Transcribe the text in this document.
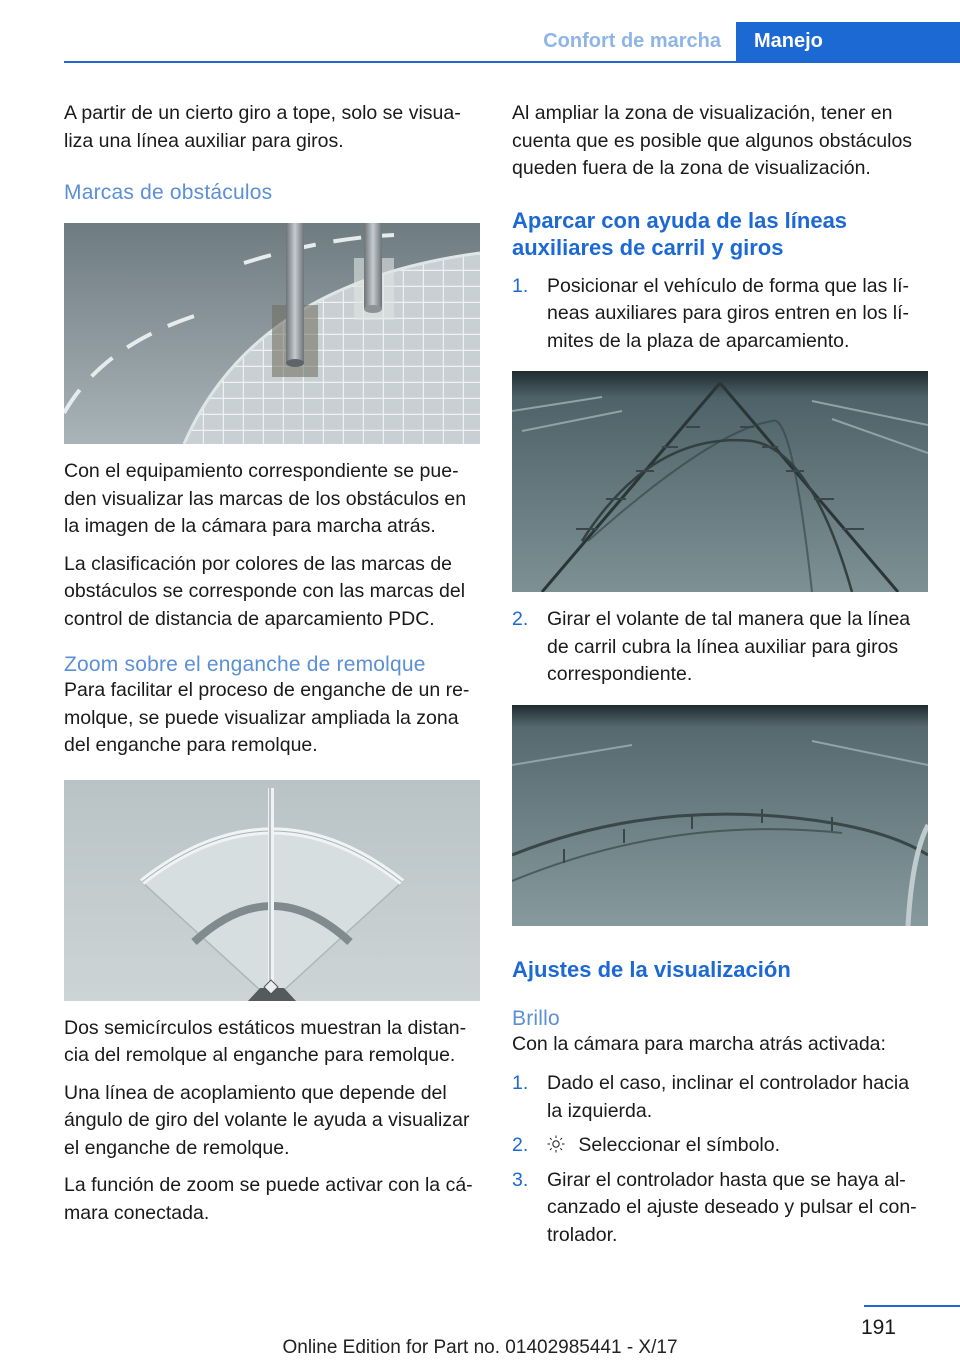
Confort de marcha	Manejo

A partir de un cierto giro a tope, solo se visualiza una línea auxiliar para giros.

Marcas de obstáculos

Con el equipamiento correspondiente se pueden visualizar las marcas de los obstáculos en la imagen de la cámara para marcha atrás.

La clasificación por colores de las marcas de obstáculos se corresponde con las marcas del control de distancia de aparcamiento PDC.

Zoom sobre el enganche de remolque

Para facilitar el proceso de enganche de un remolque, se puede visualizar ampliada la zona del enganche para remolque.

Dos semicírculos estáticos muestran la distancia del remolque al enganche para remolque.

Una línea de acoplamiento que depende del ángulo de giro del volante le ayuda a visualizar el enganche de remolque.

La función de zoom se puede activar con la cámara conectada.

Al ampliar la zona de visualización, tener en cuenta que es posible que algunos obstáculos queden fuera de la zona de visualización.

Aparcar con ayuda de las líneas auxiliares de carril y giros
1. Posicionar el vehículo de forma que las líneas auxiliares para giros entren en los límites de la plaza de aparcamiento.
2. Girar el volante de tal manera que la línea de carril cubra la línea auxiliar para giros correspondiente.
Ajustes de la visualización
Brillo

Con la cámara para marcha atrás activada:

1. Dado el caso, inclinar el controlador hacia la izquierda.
2.	Seleccionar el símbolo.
3. Girar el controlador hasta que se haya alcanzado el ajuste deseado y pulsar el controlador.
191
Online Edition for Part no. 01402985441 - X/17
